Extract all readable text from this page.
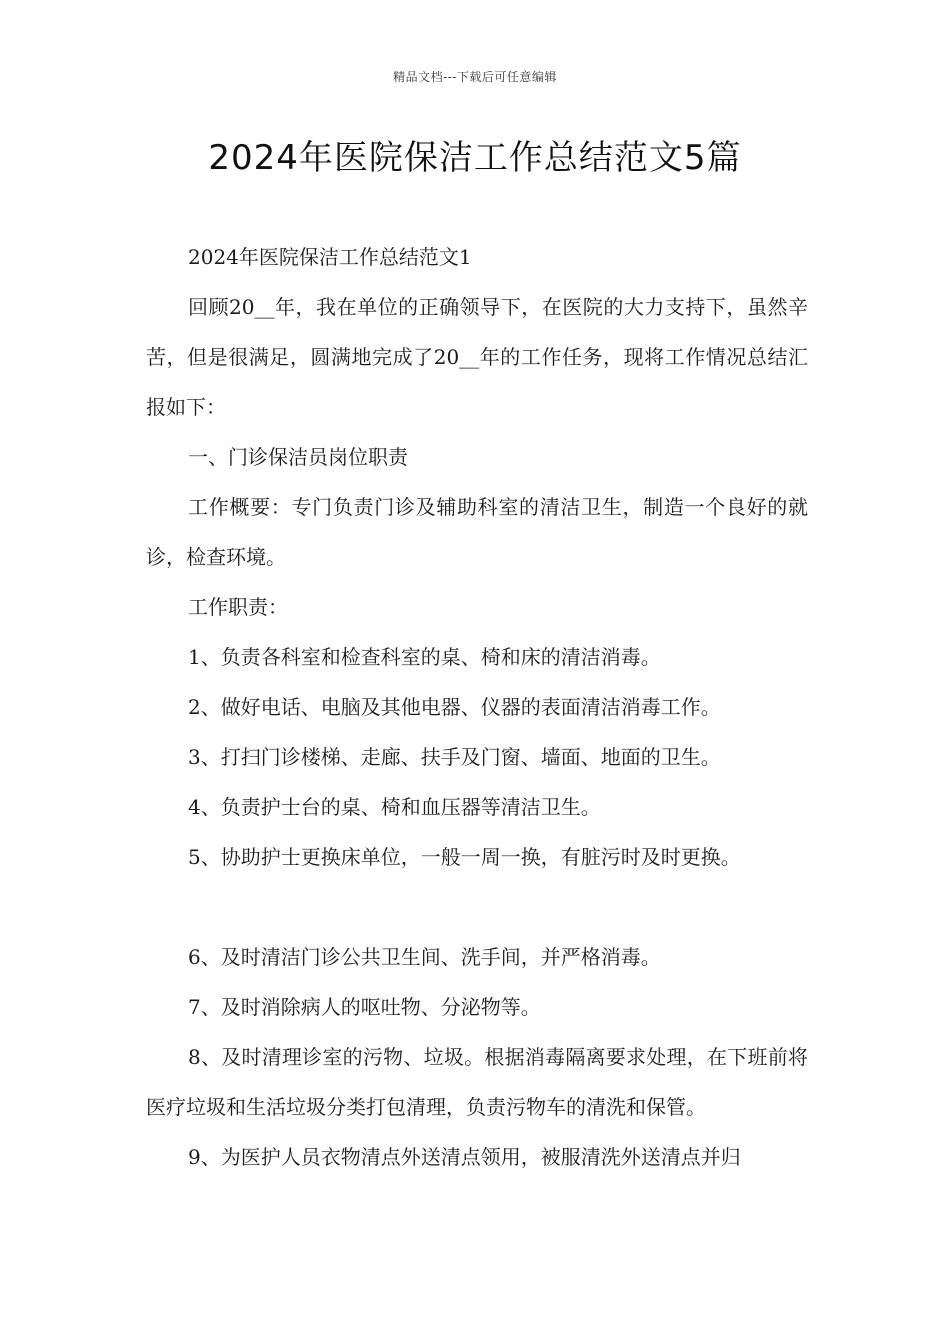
精品文档---下载后可任意编辑
2024年医院保洁工作总结范文5篇

2024年医院保洁工作总结范文1

回顾20__年，我在单位的正确领导下，在医院的大力支持下，虽然辛苦，但是很满足，圆满地完成了20__年的工作任务，现将工作情况总结汇报如下：

一、门诊保洁员岗位职责

工作概要：专门负责门诊及辅助科室的清洁卫生，制造一个良好的就诊，检查环境。

工作职责：

1、负责各科室和检查科室的桌、椅和床的清洁消毒。

2、做好电话、电脑及其他电器、仪器的表面清洁消毒工作。

3、打扫门诊楼梯、走廊、扶手及门窗、墙面、地面的卫生。

4、负责护士台的桌、椅和血压器等清洁卫生。

5、协助护士更换床单位，一般一周一换，有脏污时及时更换。

6、及时清洁门诊公共卫生间、洗手间，并严格消毒。

7、及时消除病人的呕吐物、分泌物等。

8、及时清理诊室的污物、垃圾。根据消毒隔离要求处理，在下班前将医疗垃圾和生活垃圾分类打包清理，负责污物车的清洗和保管。

9、为医护人员衣物清点外送清点领用，被服清洗外送清点并归
